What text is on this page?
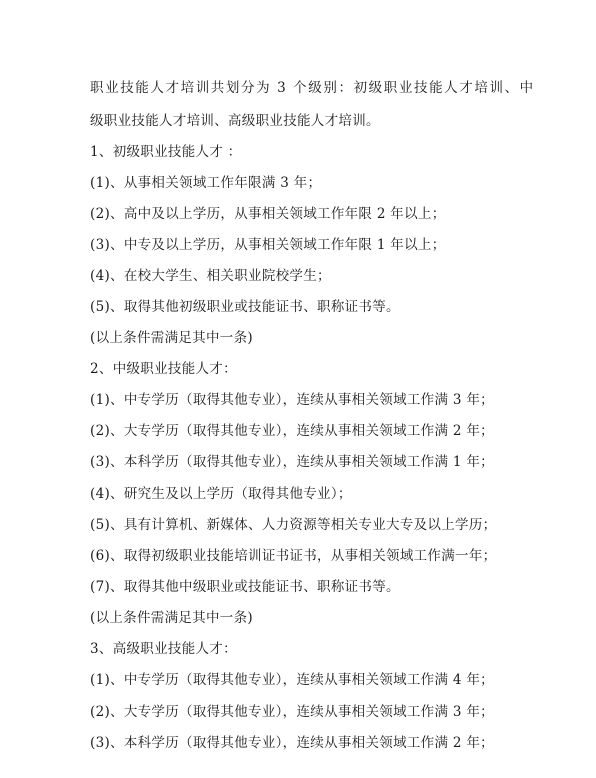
职业技能人才培训共划分为 3 个级别：初级职业技能人才培训、中
级职业技能人才培训、高级职业技能人才培训。
1、初级职业技能人才 ：
(1)、从事相关领域工作年限满 3 年；
(2)、高中及以上学历，从事相关领域工作年限 2 年以上；
(3)、中专及以上学历，从事相关领域工作年限 1 年以上；
(4)、在校大学生、相关职业院校学生；
(5)、取得其他初级职业或技能证书、职称证书等。
(以上条件需满足其中一条)
2、中级职业技能人才：
(1)、中专学历（取得其他专业），连续从事相关领域工作满 3 年；
(2)、大专学历（取得其他专业），连续从事相关领域工作满 2 年；
(3)、本科学历（取得其他专业），连续从事相关领域工作满 1 年；
(4)、研究生及以上学历（取得其他专业）；
(5)、具有计算机、新媒体、人力资源等相关专业大专及以上学历；
(6)、取得初级职业技能培训证书证书，从事相关领域工作满一年；
(7)、取得其他中级职业或技能证书、职称证书等。
(以上条件需满足其中一条)
3、高级职业技能人才：
(1)、中专学历（取得其他专业），连续从事相关领域工作满 4 年；
(2)、大专学历（取得其他专业），连续从事相关领域工作满 3 年；
(3)、本科学历（取得其他专业），连续从事相关领域工作满 2 年；
